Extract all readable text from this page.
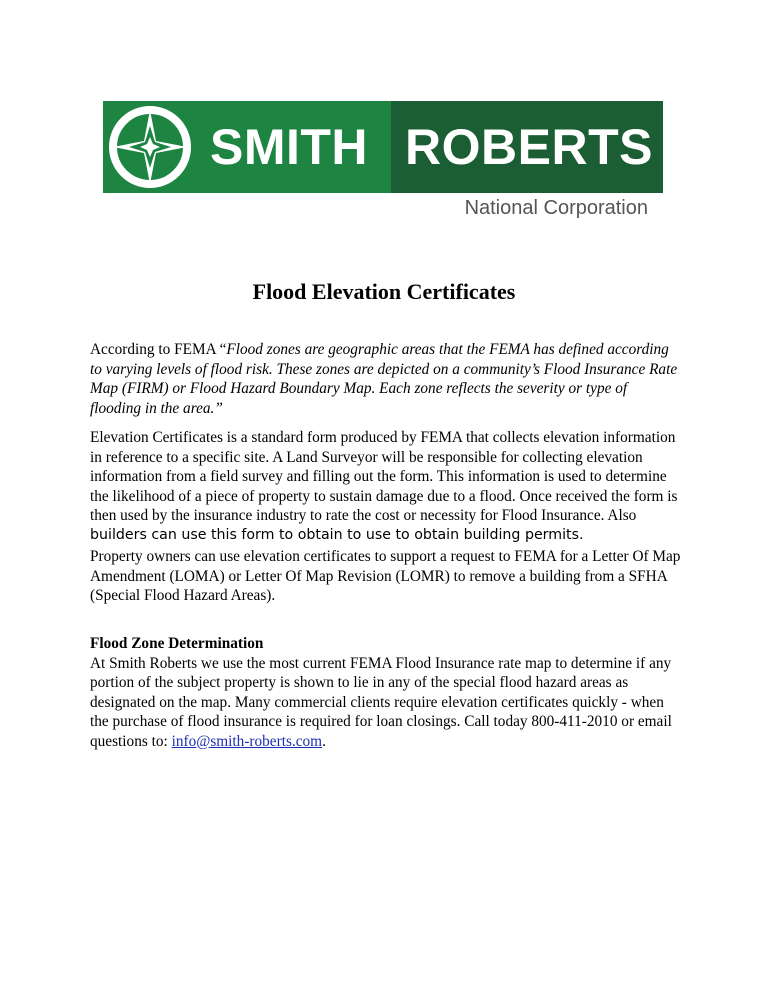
SMITH ROBERTS
National Corporation
Flood Elevation Certificates

According to FEMA “Flood zones are geographic areas that the FEMA has defined according
to varying levels of flood risk. These zones are depicted on a community’s Flood Insurance Rate
Map (FIRM) or Flood Hazard Boundary Map. Each zone reflects the severity or type of
flooding in the area.”

Elevation Certificates is a standard form produced by FEMA that collects elevation information
in reference to a specific site. A Land Surveyor will be responsible for collecting elevation
information from a field survey and filling out the form. This information is used to determine
the likelihood of a piece of property to sustain damage due to a flood. Once received the form is
then used by the insurance industry to rate the cost or necessity for Flood Insurance. Also
builders can use this form to obtain to use to obtain building permits.

Property owners can use elevation certificates to support a request to FEMA for a Letter Of Map
Amendment (LOMA) or Letter Of Map Revision (LOMR) to remove a building from a SFHA
(Special Flood Hazard Areas).

Flood Zone Determination
At Smith Roberts we use the most current FEMA Flood Insurance rate map to determine if any
portion of the subject property is shown to lie in any of the special flood hazard areas as
designated on the map. Many commercial clients require elevation certificates quickly - when
the purchase of flood insurance is required for loan closings. Call today 800-411-2010 or email
questions to: info@smith-roberts.com.
